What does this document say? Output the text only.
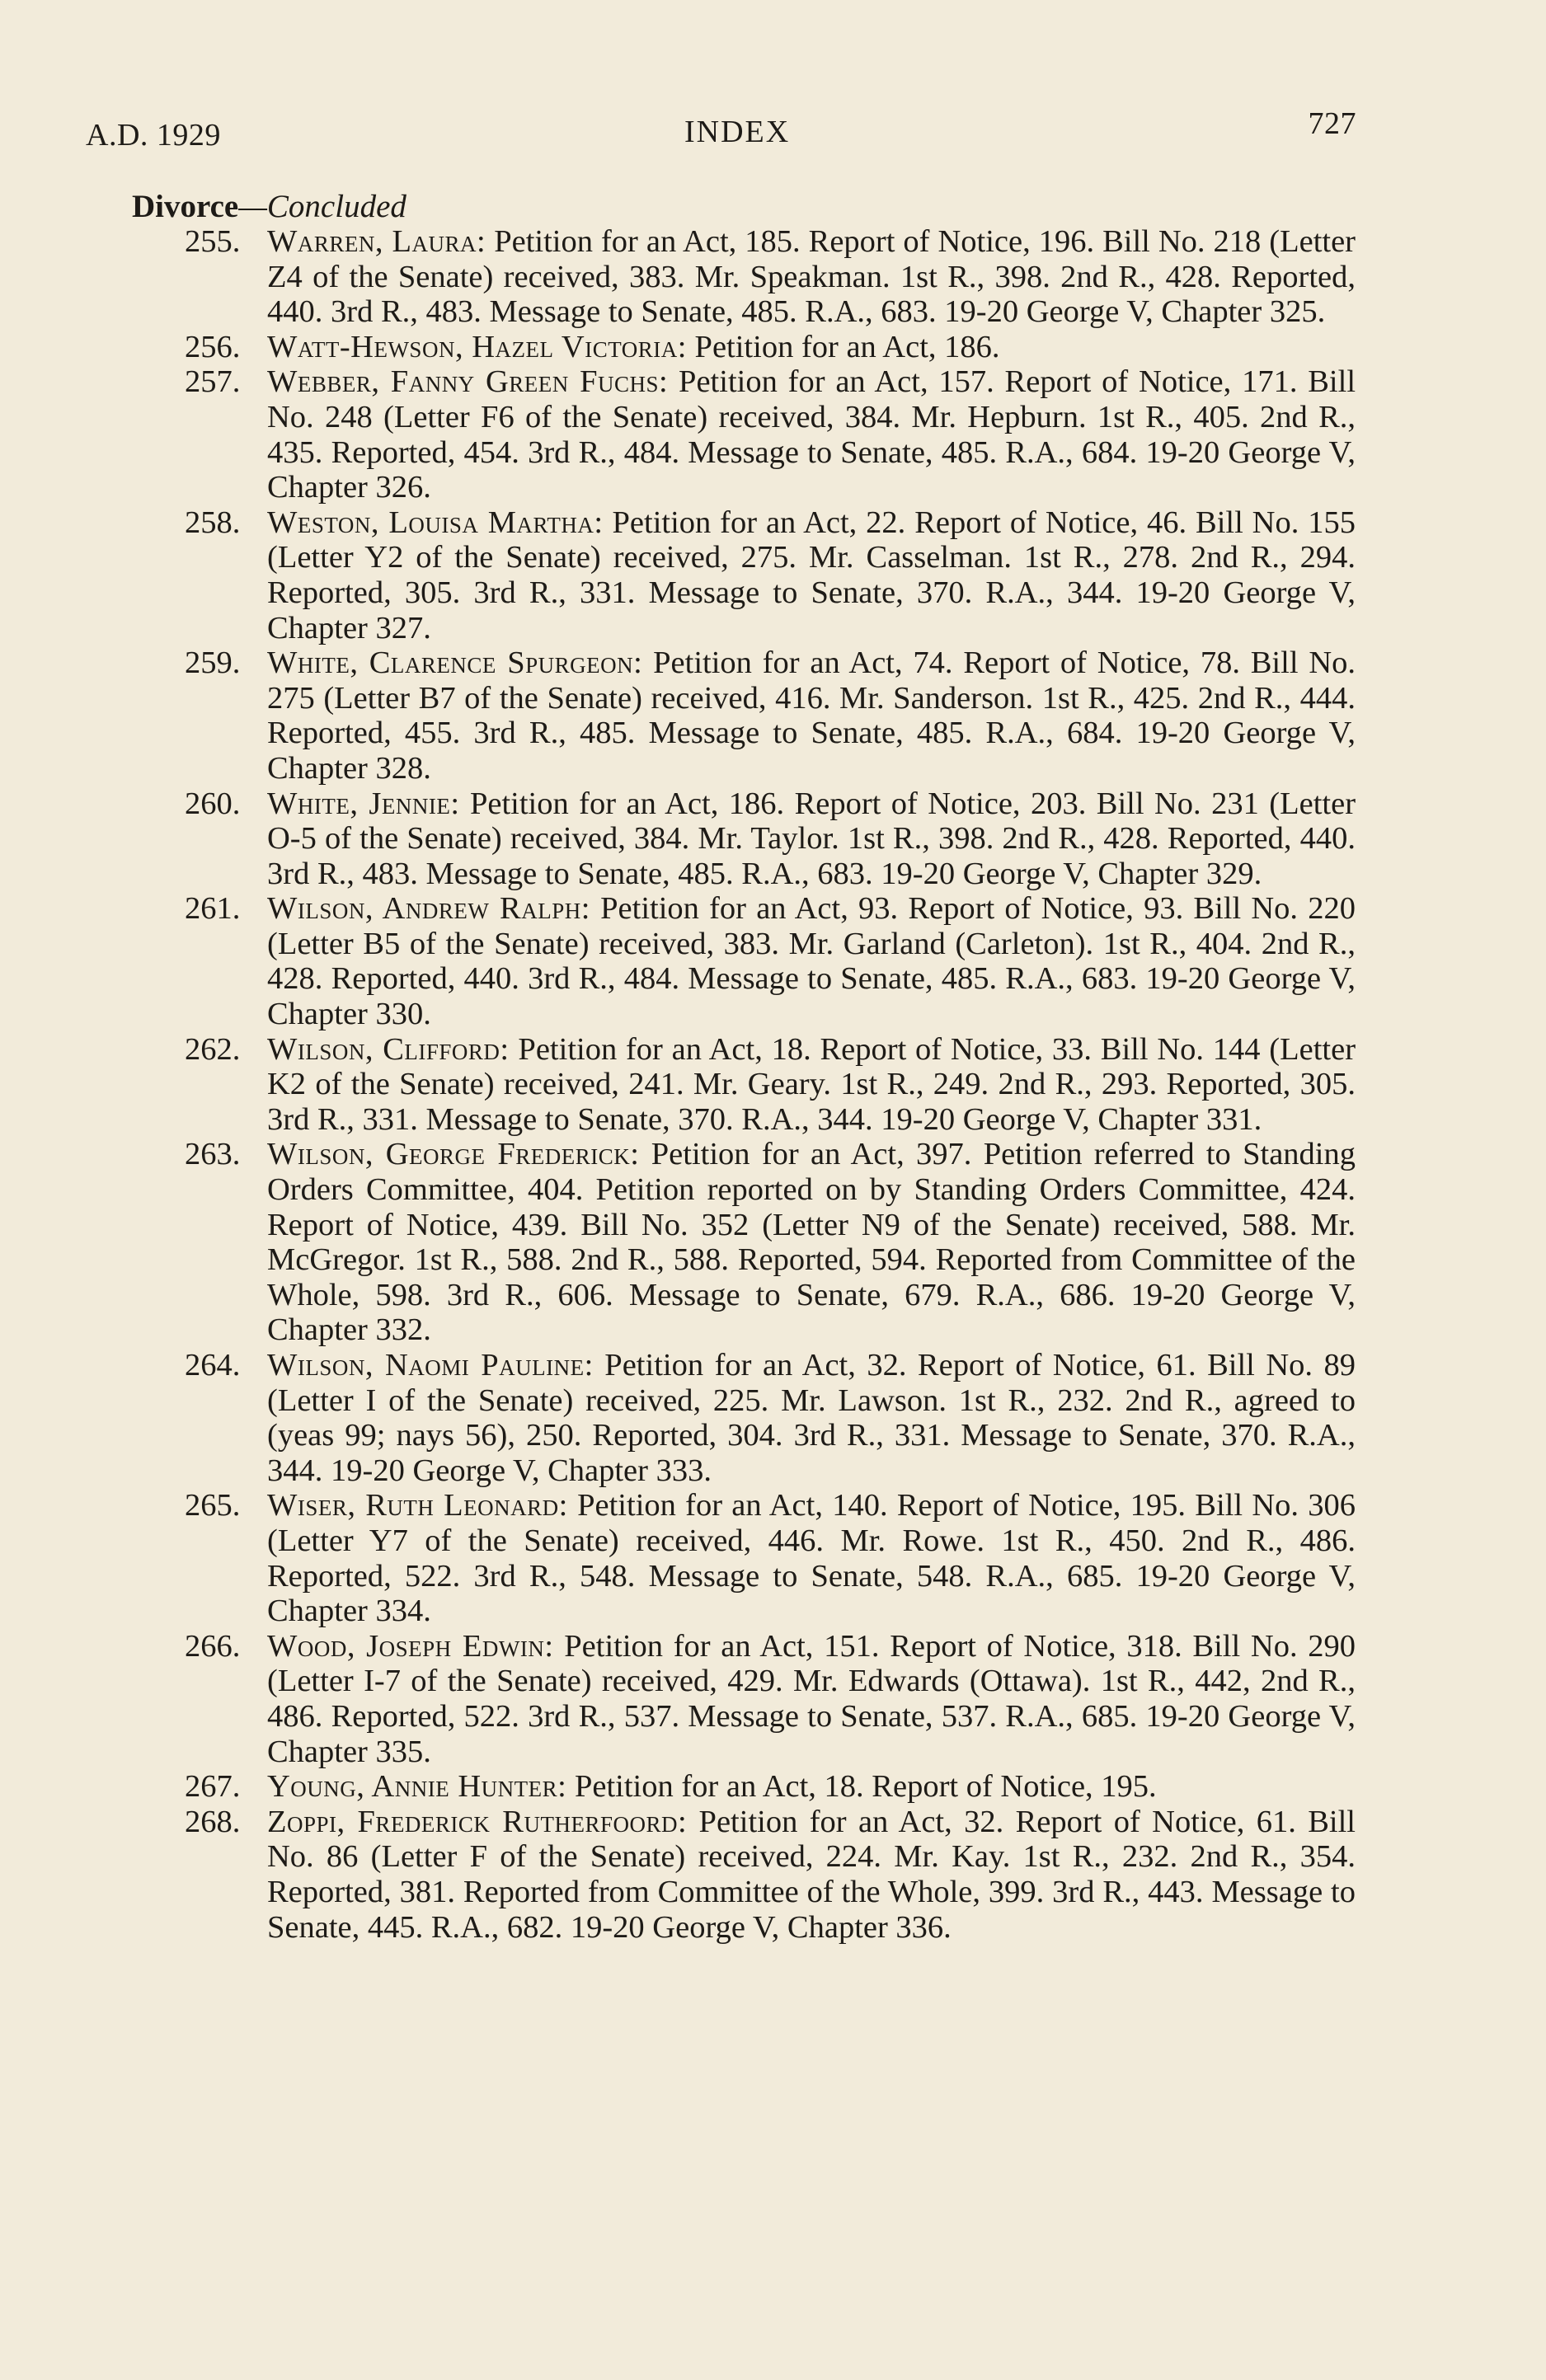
A.D. 1929	INDEX	727
Divorce—Concluded

255. Warren, Laura: Petition for an Act, 185. Report of Notice, 196. Bill No. 218 (Letter Z4 of the Senate) received, 383. Mr. Speakman. 1st R., 398. 2nd R., 428. Reported, 440. 3rd R., 483. Message to Senate, 485. R.A., 683. 19-20 George V, Chapter 325.

256. Watt-Hewson, Hazel Victoria: Petition for an Act, 186.

257. Webber, Fanny Green Fuchs: Petition for an Act, 157. Report of Notice, 171. Bill No. 248 (Letter F6 of the Senate) received, 384. Mr. Hepburn. 1st R., 405. 2nd R., 435. Reported, 454. 3rd R., 484. Message to Senate, 485. R.A., 684. 19-20 George V, Chapter 326.

258. Weston, Louisa Martha: Petition for an Act, 22. Report of Notice, 46. Bill No. 155 (Letter Y2 of the Senate) received, 275. Mr. Casselman. 1st R., 278. 2nd R., 294. Reported, 305. 3rd R., 331. Message to Senate, 370. R.A., 344. 19-20 George V, Chapter 327.

259. White, Clarence Spurgeon: Petition for an Act, 74. Report of Notice, 78. Bill No. 275 (Letter B7 of the Senate) received, 416. Mr. Sanderson. 1st R., 425. 2nd R., 444. Reported, 455. 3rd R., 485. Message to Senate, 485. R.A., 684. 19-20 George V, Chapter 328.

260. White, Jennie: Petition for an Act, 186. Report of Notice, 203. Bill No. 231 (Letter O-5 of the Senate) received, 384. Mr. Taylor. 1st R., 398. 2nd R., 428. Reported, 440. 3rd R., 483. Message to Senate, 485. R.A., 683. 19-20 George V, Chapter 329.

261. Wilson, Andrew Ralph: Petition for an Act, 93. Report of Notice, 93. Bill No. 220 (Letter B5 of the Senate) received, 383. Mr. Garland (Carleton). 1st R., 404. 2nd R., 428. Reported, 440. 3rd R., 484. Message to Senate, 485. R.A., 683. 19-20 George V, Chapter 330.

262. Wilson, Clifford: Petition for an Act, 18. Report of Notice, 33. Bill No. 144 (Letter K2 of the Senate) received, 241. Mr. Geary. 1st R., 249. 2nd R., 293. Reported, 305. 3rd R., 331. Message to Senate, 370. R.A., 344. 19-20 George V, Chapter 331.

263. Wilson, George Frederick: Petition for an Act, 397. Petition referred to Standing Orders Committee, 404. Petition reported on by Standing Orders Committee, 424. Report of Notice, 439. Bill No. 352 (Letter N9 of the Senate) received, 588. Mr. McGregor. 1st R., 588. 2nd R., 588. Reported, 594. Reported from Committee of the Whole, 598. 3rd R., 606. Message to Senate, 679. R.A., 686. 19-20 George V, Chapter 332.

264. Wilson, Naomi Pauline: Petition for an Act, 32. Report of Notice, 61. Bill No. 89 (Letter I of the Senate) received, 225. Mr. Lawson. 1st R., 232. 2nd R., agreed to (yeas 99; nays 56), 250. Reported, 304. 3rd R., 331. Message to Senate, 370. R.A., 344. 19-20 George V, Chapter 333.

265. Wiser, Ruth Leonard: Petition for an Act, 140. Report of Notice, 195. Bill No. 306 (Letter Y7 of the Senate) received, 446. Mr. Rowe. 1st R., 450. 2nd R., 486. Reported, 522. 3rd R., 548. Message to Senate, 548. R.A., 685. 19-20 George V, Chapter 334.

266. Wood, Joseph Edwin: Petition for an Act, 151. Report of Notice, 318. Bill No. 290 (Letter I-7 of the Senate) received, 429. Mr. Edwards (Ottawa). 1st R., 442, 2nd R., 486. Reported, 522. 3rd R., 537. Message to Senate, 537. R.A., 685. 19-20 George V, Chapter 335.

267. Young, Annie Hunter: Petition for an Act, 18. Report of Notice, 195.

268. Zoppi, Frederick Rutherfoord: Petition for an Act, 32. Report of Notice, 61. Bill No. 86 (Letter F of the Senate) received, 224. Mr. Kay. 1st R., 232. 2nd R., 354. Reported, 381. Reported from Committee of the Whole, 399. 3rd R., 443. Message to Senate, 445. R.A., 682. 19-20 George V, Chapter 336.
